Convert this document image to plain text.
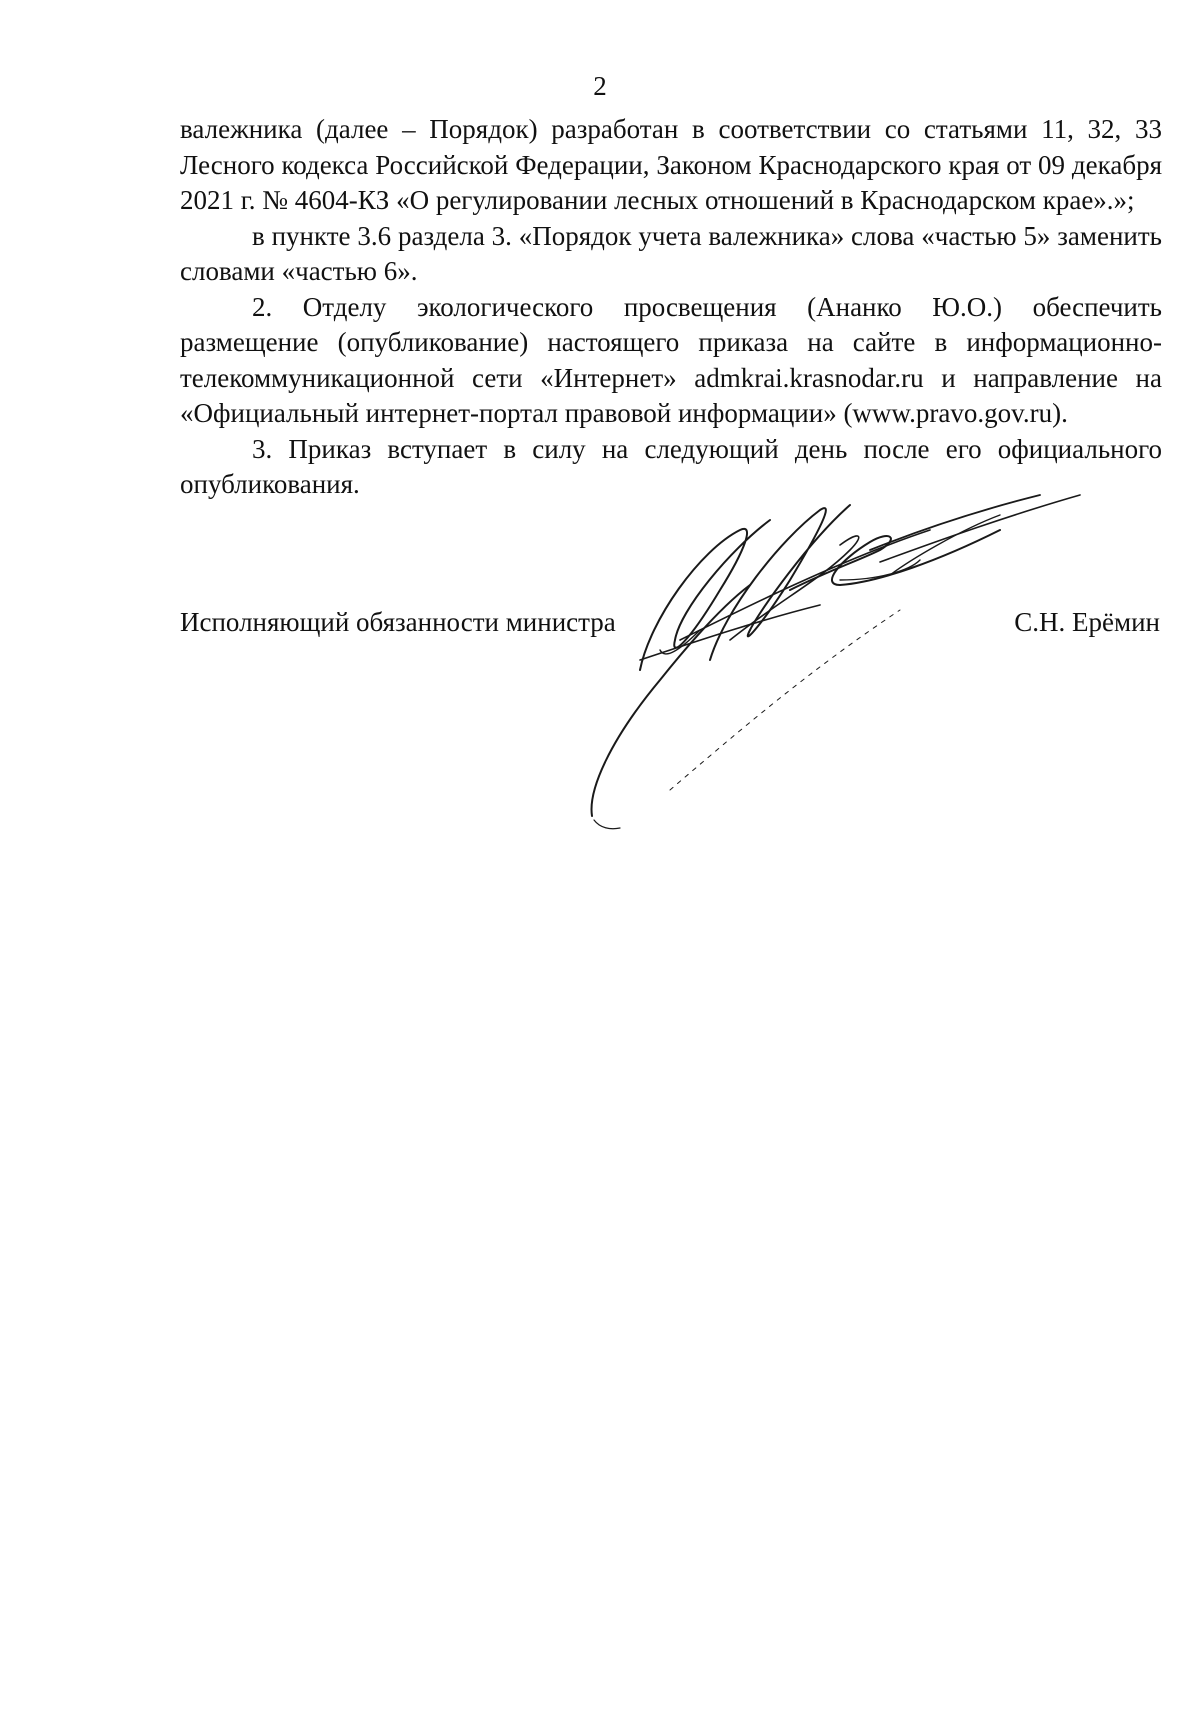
2

валежника (далее – Порядок) разработан в соответствии со статьями 11, 32, 33 Лесного кодекса Российской Федерации, Законом Краснодарского края от 09 декабря 2021 г. № 4604-КЗ «О регулировании лесных отношений в Краснодарском крае».»;

в пункте 3.6 раздела 3. «Порядок учета валежника» слова «частью 5» заменить словами «частью 6».

2. Отделу экологического просвещения (Ананко Ю.О.) обеспечить размещение (опубликование) настоящего приказа на сайте в информационно-телекоммуникационной сети «Интернет» admkrai.krasnodar.ru и направление на «Официальный интернет-портал правовой информации» (www.pravo.gov.ru).

3. Приказ вступает в силу на следующий день после его официального опубликования.

Исполняющий обязанности министра	С.Н. Ерёмин
